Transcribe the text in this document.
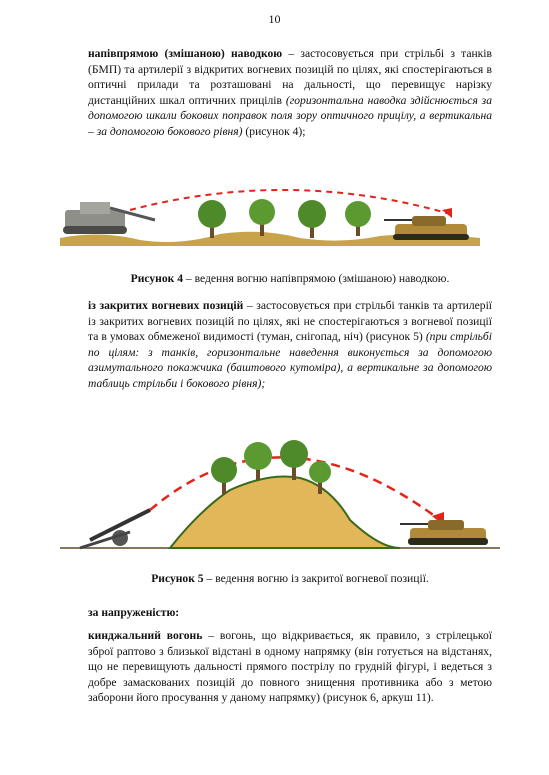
10

напівпрямою (змішаною) наводкою – застосовується при стрільбі з танків (БМП) та артилерії з відкритих вогневих позицій по цілях, які спостерігаються в оптичні прилади та розташовані на дальності, що перевищує нарізку дистанційних шкал оптичних прицілів (горизонтальна наводка здійснюється за допомогою шкали бокових поправок поля зору оптичного прицілу, а вертикальна – за допомогою бокового рівня) (рисунок 4);

Рисунок 4 – ведення вогню напівпрямою (змішаною) наводкою.

із закритих вогневих позицій – застосовується при стрільбі танків та артилерії із закритих вогневих позицій по цілях, які не спостерігаються з вогневої позиції та в умовах обмеженої видимості (туман, снігопад, ніч) (рисунок 5) (при стрільбі по цілям: з танків, горизонтальне наведення виконується за допомогою азимутального покажчика (баштового кутоміра), а вертикальне за допомогою таблиць стрільби і бокового рівня);

Рисунок 5 – ведення вогню із закритої вогневої позиції.
за напруженістю:

кинджальний вогонь – вогонь, що відкривається, як правило, з стрілецької зброї раптово з близької відстані в одному напрямку (він готується на відстанях, що не перевищують дальності прямого пострілу по грудній фігурі, і ведеться з добре замаскованих позицій до повного знищення противника або з метою заборони його просування у даному напрямку) (рисунок 6, аркуш 11).
